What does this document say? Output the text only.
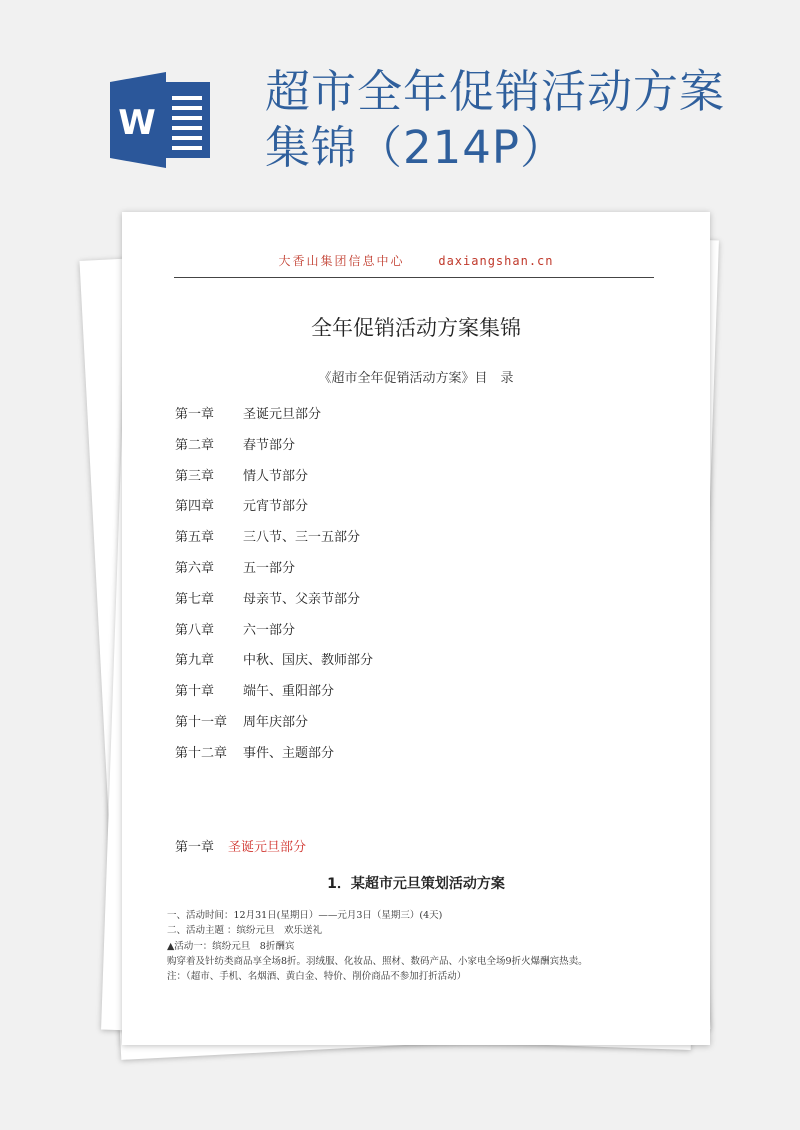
W
超市全年促销活动方案
集锦（214P）
大香山集团信息中心	daxiangshan.cn
全年促销活动方案集锦
《超市全年促销活动方案》目　录
第一章	圣诞元旦部分
第二章	春节部分
第三章	情人节部分
第四章	元宵节部分
第五章	三八节、三一五部分
第六章	五一部分
第七章	母亲节、父亲节部分
第八章	六一部分
第九章	中秋、国庆、教师部分
第十章	端午、重阳部分
第十一章	周年庆部分
第十二章	事件、主题部分
第一章 圣诞元旦部分
1．某超市元旦策划活动方案
一、活动时间：12月31日(星期日）——元月3日（星期三）(4天)
二、活动主题 ：缤纷元旦　欢乐送礼
▲活动一：缤纷元旦　8折酬宾
购穿着及针纺类商品享全场8折。羽绒服、化妆品、照材、数码产品、小家电全场9折火爆酬宾热卖。
注：（超市、手机、名烟酒、黄白金、特价、削价商品不参加打折活动）
